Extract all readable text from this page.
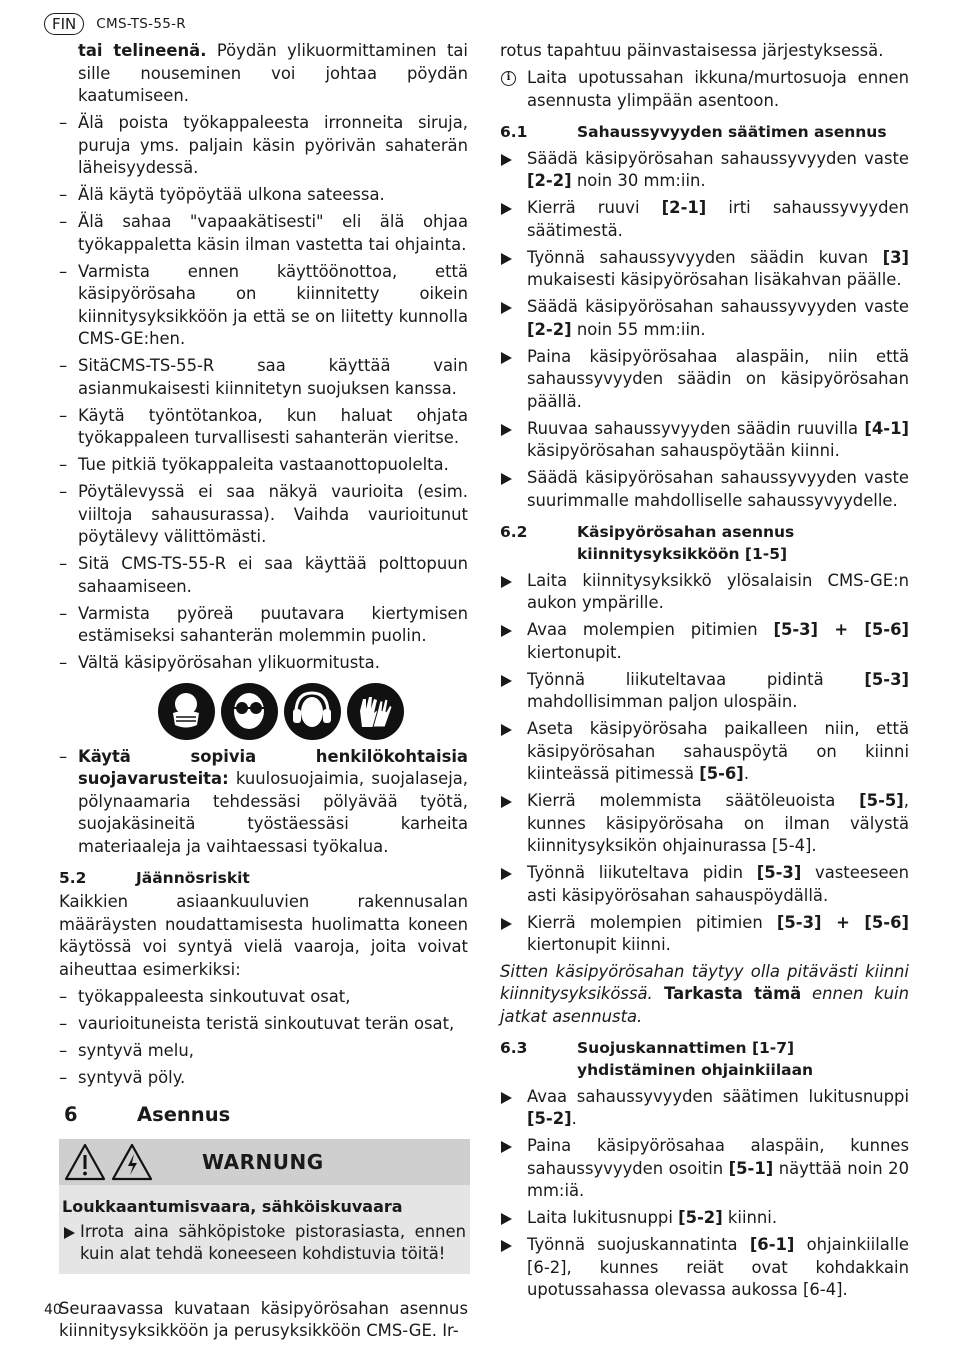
FIN	CMS-TS-55-R

tai telineenä. Pöydän ylikuormittaminen tai sille nouseminen voi johtaa pöydän kaatumiseen.

– Älä poista työkappaleesta irronneita siruja, puruja yms. paljain käsin pyörivän sahaterän läheisyydessä.
– Älä käytä työpöytää ulkona sateessa.
– Älä sahaa "vapaakätisesti" eli älä ohjaa työkappaletta käsin ilman vastetta tai ohjainta.
– Varmista ennen käyttöönottoa, että käsipyörösaha on kiinnitetty oikein kiinnitysyksikköön ja että se on liitetty kunnolla CMS-GE:hen.
– SitäCMS-TS-55-R saa käyttää vain asianmukaisesti kiinnitetyn suojuksen kanssa.
– Käytä työntötankoa, kun haluat ohjata työkappaleen turvallisesti sahanterän vieritse.
– Tue pitkiä työkappaleita vastaanottopuolelta.
– Pöytälevyssä ei saa näkyä vaurioita (esim. viiltoja sahausurassa). Vaihda vaurioitunut pöytälevy välittömästi.
– Sitä CMS-TS-55-R ei saa käyttää polttopuun sahaamiseen.
– Varmista pyöreä puutavara kiertymisen estämiseksi sahanterän molemmin puolin.
– Vältä käsipyörösahan ylikuormitusta.
– Käytä sopivia henkilökohtaisia suojavarusteita: kuulosuojaimia, suojalaseja, pölynaamaria tehdessäsi pölyävää työtä, suojakäsineitä työstäessäsi karheita materiaaleja ja vaihtaessasi työkalua.
5.2	Jäännösriskit

Kaikkien asiaankuuluvien rakennusalan määräysten noudattamisesta huolimatta koneen käytössä voi syntyä vielä vaaroja, joita voivat aiheuttaa esimerkiksi:

– työkappaleesta sinkoutuvat osat,
– vaurioituneista teristä sinkoutuvat terän osat,
– syntyvä melu,
– syntyvä pöly.
6	Asennus
WARNUNG
Loukkaantumisvaara, sähköiskuvaara
Irrota aina sähköpistoke pistorasiasta, ennen kuin alat tehdä koneeseen kohdistuvia töitä!

Seuraavassa kuvataan käsipyörösahan asennus kiinnitysyksikköön ja perusyksikköön CMS-GE. Ir-

rotus tapahtuu päinvastaisessa järjestyksessä.

i	Laita upotussahan ikkuna/murtosuoja ennen asennusta ylimpään asentoon.
6.1	Sahaussyvyyden säätimen asennus
Säädä käsipyörösahan sahaussyvyyden vaste [2-2] noin 30 mm:iin.
Kierrä ruuvi [2-1] irti sahaussyvyyden säätimestä.
Työnnä sahaussyvyyden säädin kuvan [3] mukaisesti käsipyörösahan lisäkahvan päälle.
Säädä käsipyörösahan sahaussyvyyden vaste [2-2] noin 55 mm:iin.
Paina käsipyörösahaa alaspäin, niin että sahaussyvyyden säädin on käsipyörösahan päällä.
Ruuvaa sahaussyvyyden säädin ruuvilla [4-1] käsipyörösahan sahauspöytään kiinni.
Säädä käsipyörösahan sahaussyvyyden vaste suurimmalle mahdolliselle sahaussyvyydelle.
6.2	Käsipyörösahan asennus kiinnitysyksikköön [1-5]
Laita kiinnitysyksikkö ylösalaisin CMS-GE:n aukon ympärille.
Avaa molempien pitimien [5-3] + [5-6] kiertonupit.
Työnnä liikuteltavaa pidintä [5-3] mahdollisimman paljon ulospäin.
Aseta käsipyörösaha paikalleen niin, että käsipyörösahan sahauspöytä on kiinni kiinteässä pitimessä [5-6].
Kierrä molemmista säätöleuoista [5-5], kunnes käsipyörösaha on ilman välystä kiinnitysyksikön ohjainurassa [5-4].
Työnnä liikuteltava pidin [5-3] vasteeseen asti käsipyörösahan sahauspöydällä.
Kierrä molempien pitimien [5-3] + [5-6] kiertonupit kiinni.

Sitten käsipyörösahan täytyy olla pitävästi kiinni kiinnitysyksikössä. Tarkasta tämä ennen kuin jatkat asennusta.

6.3	Suojuskannattimen [1-7] yhdistäminen ohjainkiilaan
Avaa sahaussyvyyden säätimen lukitusnuppi [5-2].
Paina käsipyörösahaa alaspäin, kunnes sahaussyvyyden osoitin [5-1] näyttää noin 20 mm:iä.
Laita lukitusnuppi [5-2] kiinni.
Työnnä suojuskannatinta [6-1] ohjainkiilalle [6-2], kunnes reiät ovat kohdakkain upotussahassa olevassa aukossa [6-4].
40
